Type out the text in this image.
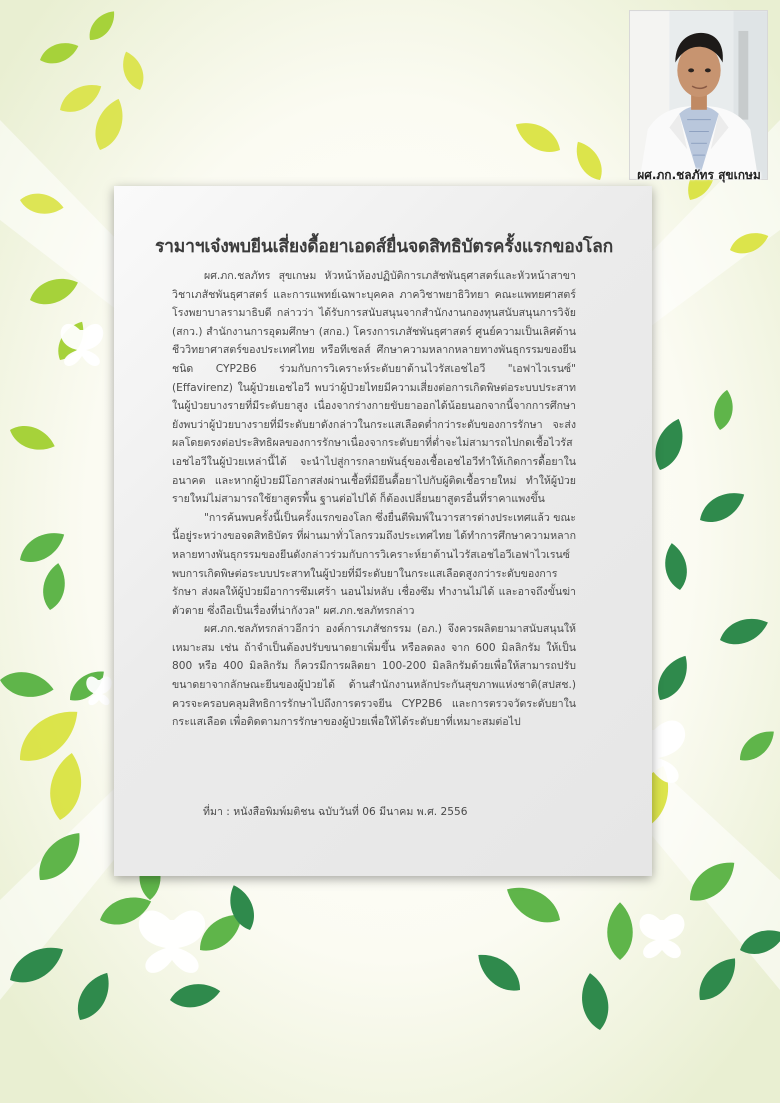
ผศ.ภก.ชลภัทร สุขเกษม
รามาฯเจ๋งพบยีนเสี่ยงดื้อยาเอดส์ยื่นจดสิทธิบัตรครั้งแรกของโลก

ผศ.ภก.ชลภัทร สุขเกษม หัวหน้าห้องปฏิบัติการเภสัชพันธุศาสตร์และหัวหน้าสาขาวิชาเภสัชพันธุศาสตร์ และการแพทย์เฉพาะบุคคล ภาควิชาพยาธิวิทยา คณะแพทยศาสตร์โรงพยาบาลรามาธิบดี กล่าวว่า ได้รับการสนับสนุนจากสำนักงานกองทุนสนับสนุนการวิจัย (สกว.) สำนักงานการอุดมศึกษา (สกอ.) โครงการเภสัชพันธุศาสตร์ ศูนย์ความเป็นเลิศด้านชีววิทยาศาสตร์ของประเทศไทย หรือทีเซลส์ ศึกษาความหลากหลายทางพันธุกรรมของยีนชนิด CYP2B6 ร่วมกับการวิเคราะห์ระดับยาต้านไวรัสเอชไอวี "เอฟาไวเรนซ์" (Effavirenz) ในผู้ป่วยเอชไอวี พบว่าผู้ป่วยไทยมีความเสี่ยงต่อการเกิดพิษต่อระบบประสาทในผู้ป่วยบางรายที่มีระดับยาสูง เนื่องจากร่างกายขับยาออกได้น้อยนอกจากนี้จากการศึกษายังพบว่าผู้ป่วยบางรายที่มีระดับยาดังกล่าวในกระแสเลือดต่ำกว่าระดับของการรักษา จะส่งผลโดยตรงต่อประสิทธิผลของการรักษาเนื่องจากระดับยาที่ต่ำจะไม่สามารถไปกดเชื้อไวรัสเอชไอวีในผู้ป่วยเหล่านี้ได้ จะนำไปสู่การกลายพันธุ์ของเชื้อเอชไอวีทำให้เกิดการดื้อยาในอนาคต และหากผู้ป่วยมีโอกาสส่งผ่านเชื้อที่มียีนดื้อยาไปกับผู้ติดเชื้อรายใหม่ ทำให้ผู้ป่วยรายใหม่ไม่สามารถใช้ยาสูตรพื้น ฐานต่อไปได้ ก็ต้องเปลี่ยนยาสูตรอื่นที่ราคาแพงขึ้น

"การค้นพบครั้งนี้เป็นครั้งแรกของโลก ซึ่งยื่นตีพิมพ์ในวารสารต่างประเทศแล้ว ขณะนี้อยู่ระหว่างขอจดสิทธิบัตร ที่ผ่านมาทั่วโลกรวมถึงประเทศไทย ได้ทำการศึกษาความหลากหลายทางพันธุกรรมของยีนดังกล่าวร่วมกับการวิเคราะห์ยาต้านไวรัสเอชไอวีเอฟาไวเรนซ์พบการเกิดพิษต่อระบบประสาทในผู้ป่วยที่มีระดับยาในกระแสเลือดสูงกว่าระดับของการรักษา ส่งผลให้ผู้ป่วยมีอาการซึมเศร้า นอนไม่หลับ เชื่องซึม ทำงานไม่ได้ และอาจถึงขั้นฆ่าตัวตาย ซึ่งถือเป็นเรื่องที่น่ากังวล" ผศ.ภก.ชลภัทรกล่าว

ผศ.ภก.ชลภัทรกล่าวอีกว่า องค์การเภสัชกรรม (อภ.) จึงควรผลิตยามาสนับสนุนให้เหมาะสม เช่น ถ้าจำเป็นต้องปรับขนาดยาเพิ่มขึ้น หรือลดลง จาก 600 มิลลิกรัม ให้เป็น 800 หรือ 400 มิลลิกรัม ก็ควรมีการผลิตยา 100-200 มิลลิกรัมด้วยเพื่อให้สามารถปรับขนาดยาจากลักษณะยีนของผู้ป่วยได้ ด้านสำนักงานหลักประกันสุขภาพแห่งชาติ(สปสช.) ควรจะครอบคลุมสิทธิการรักษาไปถึงการตรวจยีน CYP2B6 และการตรวจวัดระดับยาในกระแสเลือด เพื่อติดตามการรักษาของผู้ป่วยเพื่อให้ได้ระดับยาที่เหมาะสมต่อไป

ที่มา : หนังสือพิมพ์มติชน ฉบับวันที่ 06 มีนาคม พ.ศ. 2556
